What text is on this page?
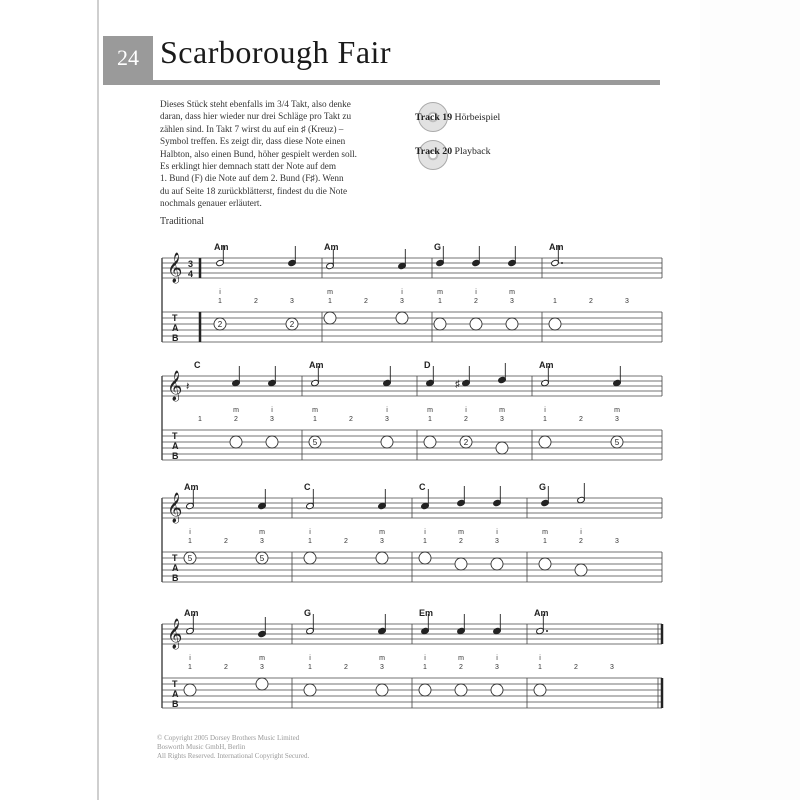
24 Scarborough Fair

Dieses Stück steht ebenfalls im 3/4 Takt, also denke

daran, dass hier wieder nur drei Schläge pro Takt zu

zählen sind. In Takt 7 wirst du auf ein ♯ (Kreuz) –

Symbol treffen. Es zeigt dir, dass diese Note einen

Halbton, also einen Bund, höher gespielt werden soll.

Es erklingt hier demnach statt der Note auf dem

1. Bund (F) die Note auf dem 2. Bund (F♯). Wenn

du auf Seite 18 zurückblätterst, findest du die Note

nochmals genauer erläutert.

Track 19 Hörbeispiel
Track 20 Playback
Traditional
𝄞
T
A
B
3
4
Am
1	2	3
i
2	2
Am
1	2	3
m	i
G
1	2	3
m	i	m
Am
1	2	3
𝄞
T
A
B
C
𝄽
1	2	3
m	i
Am
1	2	3
m
5
i
D
1	2	3
m
♯
i
2
m
Am
1	2	3
i	m
5
𝄞
T
A
B
Am
1	2	3
i
5
m
5
C
1	2	3
i	m
C
1	2	3
i	m	i
G
1	2	3
m	i
𝄞
T
A
B
Am
1	2	3
i	m
G
1	2	3
i	m
Em
1	2	3
i	m	i
Am
1	2	3
i

© Copyright 2005 Dorsey Brothers Music Limited

Bosworth Music GmbH, Berlin

All Rights Reserved. International Copyright Secured.
